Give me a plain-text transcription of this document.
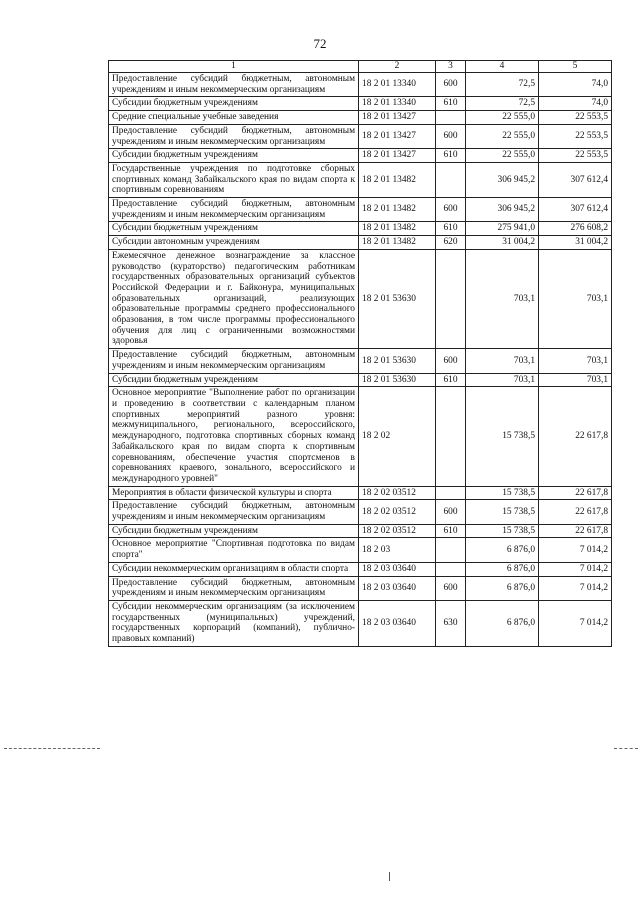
72
1	2	3	4	5
Предоставление субсидий бюджетным, автономным учреждениям и иным некоммерческим организациям	18 2 01 13340	600	72,5	74,0
Субсидии бюджетным учреждениям	18 2 01 13340	610	72,5	74,0
Средние специальные учебные заведения	18 2 01 13427		22 555,0	22 553,5
Предоставление субсидий бюджетным, автономным учреждениям и иным некоммерческим организациям	18 2 01 13427	600	22 555,0	22 553,5
Субсидии бюджетным учреждениям	18 2 01 13427	610	22 555,0	22 553,5
Государственные учреждения по подготовке сборных спортивных команд Забайкальского края по видам спорта к спортивным соревнованиям	18 2 01 13482		306 945,2	307 612,4
Предоставление субсидий бюджетным, автономным учреждениям и иным некоммерческим организациям	18 2 01 13482	600	306 945,2	307 612,4
Субсидии бюджетным учреждениям	18 2 01 13482	610	275 941,0	276 608,2
Субсидии автономным учреждениям	18 2 01 13482	620	31 004,2	31 004,2
Ежемесячное денежное вознаграждение за классное руководство (кураторство) педагогическим работникам государственных образовательных организаций субъектов Российской Федерации и г. Байконура, муниципальных образовательных организаций, реализующих образовательные программы среднего профессионального образования, в том числе программы профессионального обучения для лиц с ограниченными возможностями здоровья	18 2 01 53630		703,1	703,1
Предоставление субсидий бюджетным, автономным учреждениям и иным некоммерческим организациям	18 2 01 53630	600	703,1	703,1
Субсидии бюджетным учреждениям	18 2 01 53630	610	703,1	703,1
Основное мероприятие "Выполнение работ по организации и проведению в соответствии с календарным планом спортивных мероприятий разного уровня: межмуниципального, регионального, всероссийского, международного, подготовка спортивных сборных команд Забайкальского края по видам спорта к спортивным соревнованиям, обеспечение участия спортсменов в соревнованиях краевого, зонального, всероссийского и международного уровней"	18 2 02		15 738,5	22 617,8
Мероприятия в области физической культуры и спорта	18 2 02 03512		15 738,5	22 617,8
Предоставление субсидий бюджетным, автономным учреждениям и иным некоммерческим организациям	18 2 02 03512	600	15 738,5	22 617,8
Субсидии бюджетным учреждениям	18 2 02 03512	610	15 738,5	22 617,8
Основное мероприятие "Спортивная подготовка по видам спорта"	18 2 03		6 876,0	7 014,2
Субсидии некоммерческим организациям в области спорта	18 2 03 03640		6 876,0	7 014,2
Предоставление субсидий бюджетным, автономным учреждениям и иным некоммерческим организациям	18 2 03 03640	600	6 876,0	7 014,2
Субсидии некоммерческим организациям (за исключением государственных (муниципальных) учреждений, государственных корпораций (компаний), публично-правовых компаний)	18 2 03 03640	630	6 876,0	7 014,2
